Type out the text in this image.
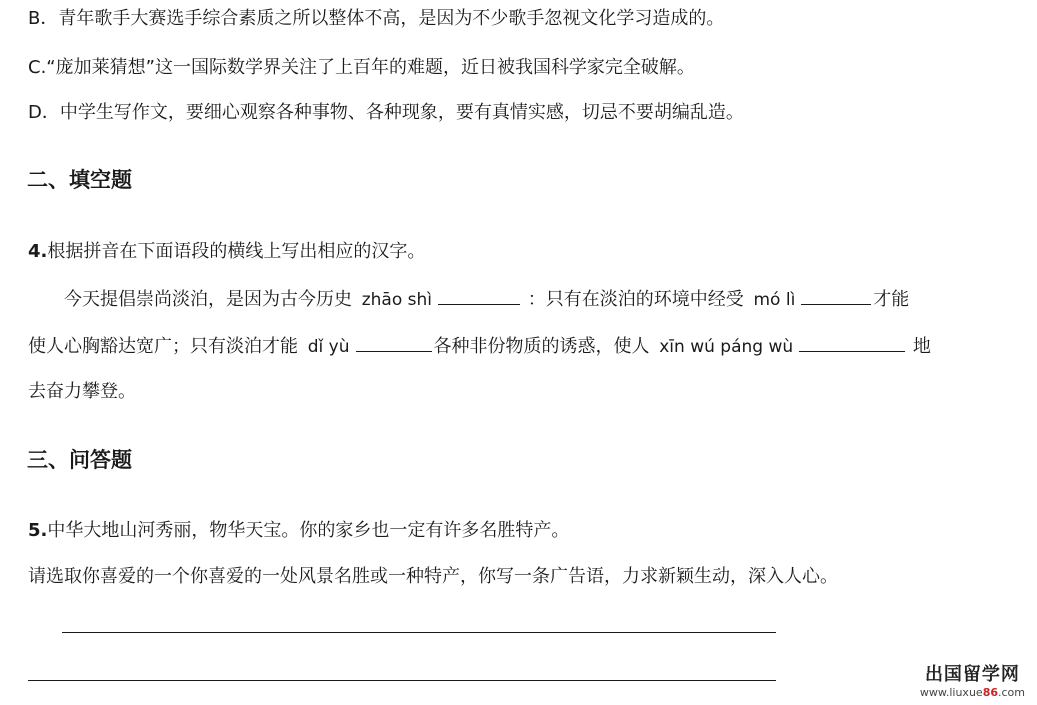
B．青年歌手大赛选手综合素质之所以整体不高，是因为不少歌手忽视文化学习造成的。
C.“庞加莱猜想”这一国际数学界关注了上百年的难题，近日被我国科学家完全破解。
D．中学生写作文，要细心观察各种事物、各种现象，要有真情实感，切忌不要胡编乱造。
二、填空题
4.根据拼音在下面语段的横线上写出相应的汉字。
今天提倡崇尚淡泊，是因为古今历史 zhāo shì	：只有在淡泊的环境中经受 mó lì	才能
使人心胸豁达宽广；只有淡泊才能 dǐ yù	各种非份物质的诱惑，使人 xīn wú páng wù	地
去奋力攀登。
三、问答题
5.中华大地山河秀丽，物华天宝。你的家乡也一定有许多名胜特产。
请选取你喜爱的一个你喜爱的一处风景名胜或一种特产，你写一条广告语，力求新颖生动，深入人心。
出国留学网
www.liuxue86.com
